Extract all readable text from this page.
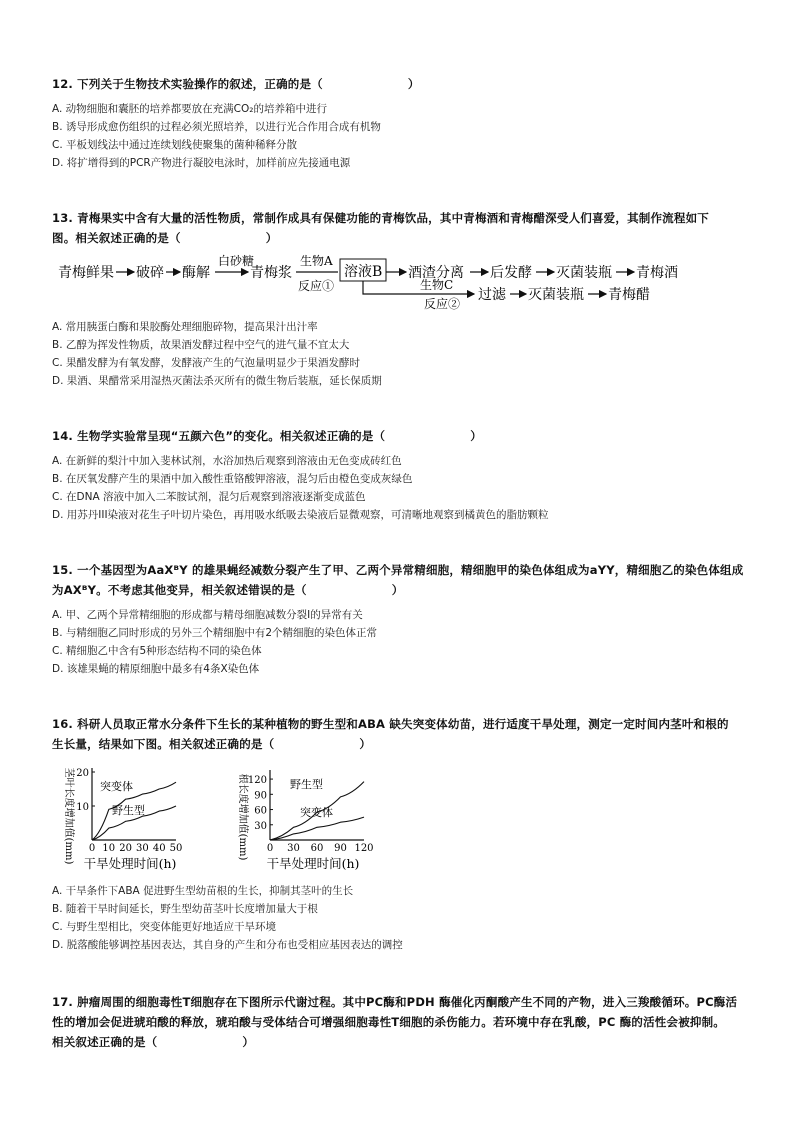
12. 下列关于生物技术实验操作的叙述，正确的是（	）
A. 动物细胞和囊胚的培养都要放在充满CO₂的培养箱中进行
B. 诱导形成愈伤组织的过程必须光照培养，以进行光合作用合成有机物
C. 平板划线法中通过连续划线使聚集的菌种稀释分散
D. 将扩增得到的PCR产物进行凝胶电泳时，加样前应先接通电源
13. 青梅果实中含有大量的活性物质，常制作成具有保健功能的青梅饮品，其中青梅酒和青梅醋深受人们喜爱，其制作流程如下
图。相关叙述正确的是（	）
青梅鲜果 破碎 酶解
白砂糖
青梅浆
生物A
反应①
溶液B 酒渣分离 后发酵 灭菌装瓶 青梅酒
生物C
反应②
过滤 灭菌装瓶 青梅醋
A. 常用胰蛋白酶和果胶酶处理细胞碎物，提高果汁出汁率
B. 乙醇为挥发性物质，故果酒发酵过程中空气的进气量不宜太大
C. 果醋发酵为有氧发酵，发酵液产生的气泡量明显少于果酒发酵时
D. 果酒、果醋常采用湿热灭菌法杀灭所有的微生物后装瓶，延长保质期
14. 生物学实验常呈现“五颜六色”的变化。相关叙述正确的是（	）
A. 在新鲜的梨汁中加入斐林试剂，水浴加热后观察到溶液由无色变成砖红色
B. 在厌氧发酵产生的果酒中加入酸性重铬酸钾溶液，混匀后由橙色变成灰绿色
C. 在DNA 溶液中加入二苯胺试剂，混匀后观察到溶液逐渐变成蓝色
D. 用苏丹III染液对花生子叶切片染色，再用吸水纸吸去染液后显微观察，可清晰地观察到橘黄色的脂肪颗粒
15. 一个基因型为AaXᴮY 的雄果蝇经减数分裂产生了甲、乙两个异常精细胞，精细胞甲的染色体组成为aYY，精细胞乙的染色体组成
为AXᴮY。不考虑其他变异，相关叙述错误的是（	）
A. 甲、乙两个异常精细胞的形成都与精母细胞减数分裂Ⅰ的异常有关
B. 与精细胞乙同时形成的另外三个精细胞中有2个精细胞的染色体正常
C. 精细胞乙中含有5种形态结构不同的染色体
D. 该雄果蝇的精原细胞中最多有4条X染色体
16. 科研人员取正常水分条件下生长的某种植物的野生型和ABA 缺失突变体幼苗，进行适度干旱处理，测定一定时间内茎叶和根的
生长量，结果如下图。相关叙述正确的是（	）
0 10 20 30 40 50
10
20
干旱处理时间(h)
茎叶长度增加值(mm) 突变体
野生型
0 30 60 90 120
30
60
90
120
干旱处理时间(h)
根长度增加值(mm)	野生型
突变体
A. 干旱条件下ABA 促进野生型幼苗根的生长，抑制其茎叶的生长
B. 随着干旱时间延长，野生型幼苗茎叶长度增加量大于根
C. 与野生型相比，突变体能更好地适应干旱环境
D. 脱落酸能够调控基因表达，其自身的产生和分布也受相应基因表达的调控
17. 肿瘤周围的细胞毒性T细胞存在下图所示代谢过程。其中PC酶和PDH 酶催化丙酮酸产生不同的产物，进入三羧酸循环。PC酶活
性的增加会促进琥珀酸的释放，琥珀酸与受体结合可增强细胞毒性T细胞的杀伤能力。若环境中存在乳酸，PC 酶的活性会被抑制。
相关叙述正确的是（	）
